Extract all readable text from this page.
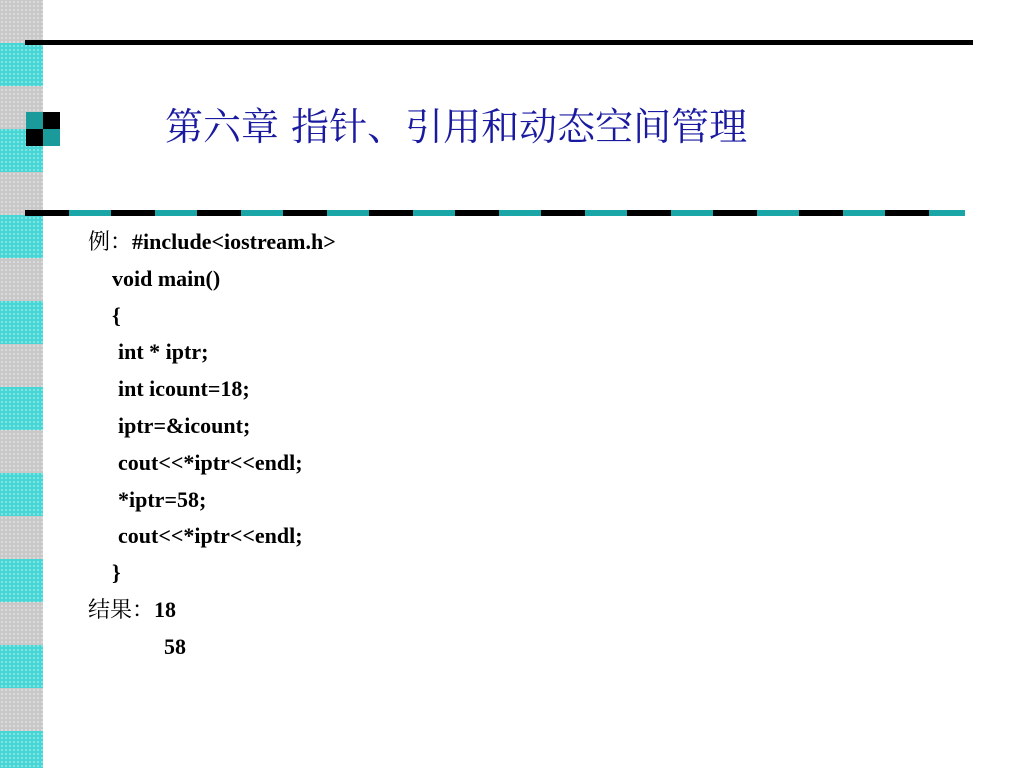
第六章 指针、引用和动态空间管理
例：#include<iostream.h>
void main()
{
int * iptr;
int icount=18;
iptr=&icount;
cout<<*iptr<<endl;
*iptr=58;
cout<<*iptr<<endl;
}
结果：18
58
